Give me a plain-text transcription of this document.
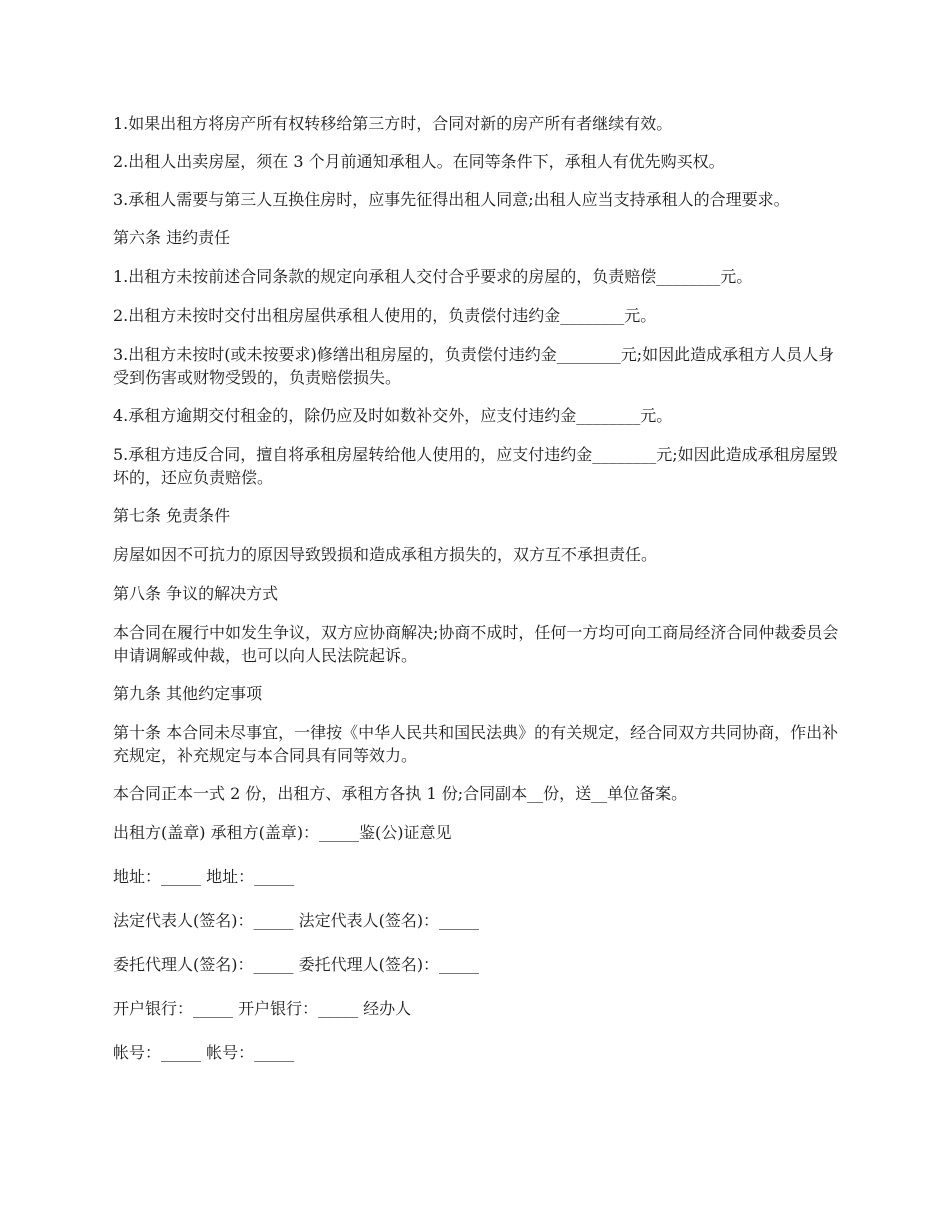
1.如果出租方将房产所有权转移给第三方时，合同对新的房产所有者继续有效。

2.出租人出卖房屋，须在 3 个月前通知承租人。在同等条件下，承租人有优先购买权。

3.承租人需要与第三人互换住房时，应事先征得出租人同意;出租人应当支持承租人的合理要求。

第六条 违约责任

1.出租方未按前述合同条款的规定向承租人交付合乎要求的房屋的，负责赔偿________元。

2.出租方未按时交付出租房屋供承租人使用的，负责偿付违约金________元。

3.出租方未按时(或未按要求)修缮出租房屋的，负责偿付违约金________元;如因此造成承租方人员人身受到伤害或财物受毁的，负责赔偿损失。

4.承租方逾期交付租金的，除仍应及时如数补交外，应支付违约金________元。

5.承租方违反合同，擅自将承租房屋转给他人使用的，应支付违约金________元;如因此造成承租房屋毁坏的，还应负责赔偿。

第七条 免责条件

房屋如因不可抗力的原因导致毁损和造成承租方损失的，双方互不承担责任。

第八条 争议的解决方式

本合同在履行中如发生争议，双方应协商解决;协商不成时，任何一方均可向工商局经济合同仲裁委员会申请调解或仲裁，也可以向人民法院起诉。

第九条 其他约定事项

第十条 本合同未尽事宜，一律按《中华人民共和国民法典》的有关规定，经合同双方共同协商，作出补充规定，补充规定与本合同具有同等效力。

本合同正本一式 2 份，出租方、承租方各执 1 份;合同副本__份，送__单位备案。

出租方(盖章) 承租方(盖章)：_____鉴(公)证意见

地址：_____ 地址：_____

法定代表人(签名)：_____ 法定代表人(签名)：_____

委托代理人(签名)：_____ 委托代理人(签名)：_____

开户银行：_____ 开户银行：_____ 经办人

帐号：_____ 帐号：_____
